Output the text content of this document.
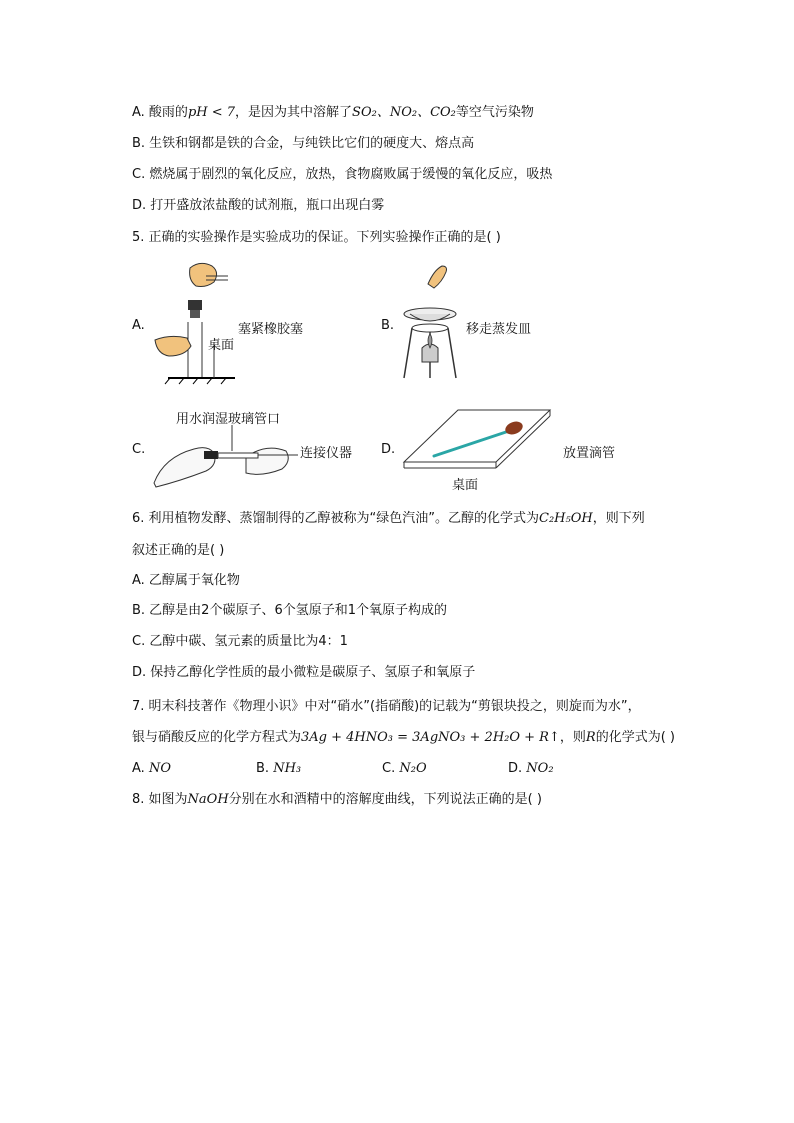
A. 酸雨的pH < 7，是因为其中溶解了SO₂、NO₂、CO₂等空气污染物
B. 生铁和钢都是铁的合金，与纯铁比它们的硬度大、熔点高
C. 燃烧属于剧烈的氧化反应，放热，食物腐败属于缓慢的氧化反应，吸热
D. 打开盛放浓盐酸的试剂瓶，瓶口出现白雾
5. 正确的实验操作是实验成功的保证。下列实验操作正确的是( )
A.	塞紧橡胶塞
桌面
B.	移走蒸发皿
用水润湿玻璃管口
C.	连接仪器 D.	放置滴管
桌面
6. 利用植物发酵、蒸馏制得的乙醇被称为“绿色汽油”。乙醇的化学式为C₂H₅OH，则下列
叙述正确的是( )
A. 乙醇属于氧化物
B. 乙醇是由2个碳原子、6个氢原子和1个氧原子构成的
C. 乙醇中碳、氢元素的质量比为4：1
D. 保持乙醇化学性质的最小微粒是碳原子、氢原子和氧原子
7. 明末科技著作《物理小识》中对“硝水”(指硝酸)的记载为“剪银块投之，则旋而为水”，
银与硝酸反应的化学方程式为3Ag + 4HNO₃ = 3AgNO₃ + 2H₂O + R↑，则R的化学式为( )
A. NO	B. NH₃	C. N₂O	D. NO₂
8. 如图为NaOH分别在水和酒精中的溶解度曲线，下列说法正确的是( )
